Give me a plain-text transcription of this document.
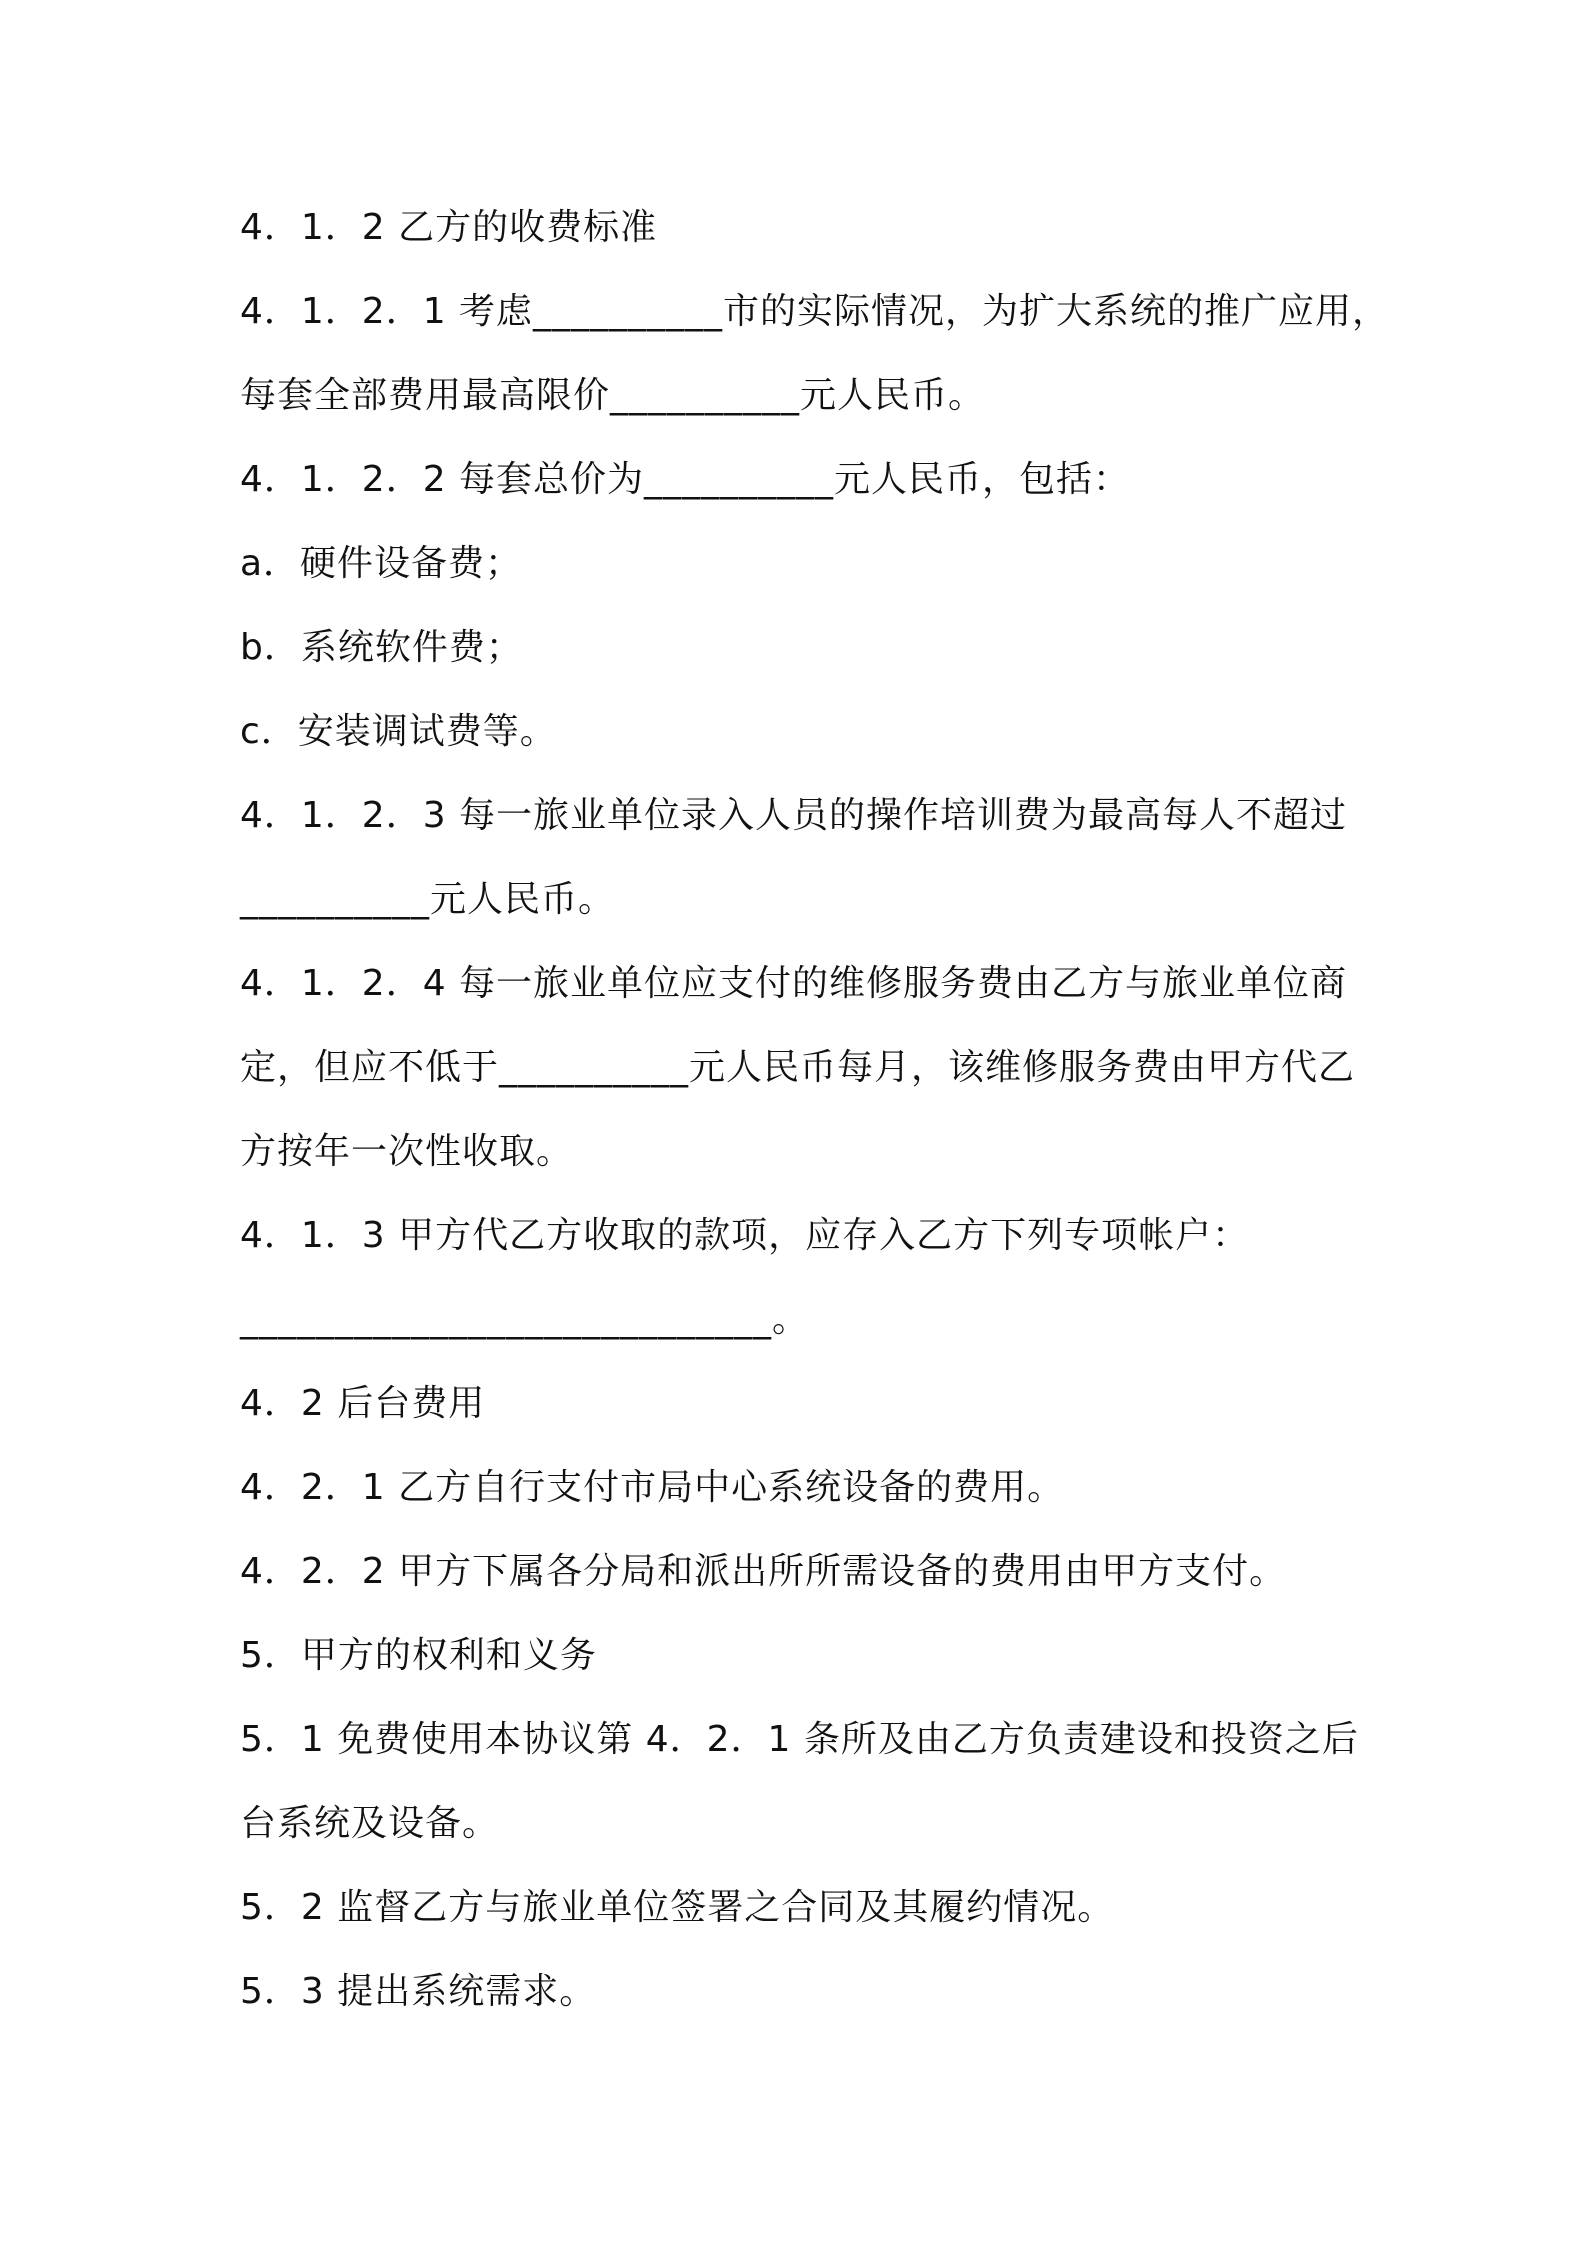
4．1．2 乙方的收费标准
4．1．2．1 考虑__________市的实际情况，为扩大系统的推广应用，
每套全部费用最高限价__________元人民币。
4．1．2．2 每套总价为__________元人民币，包括：
a．硬件设备费；
b．系统软件费；
c．安装调试费等。
4．1．2．3 每一旅业单位录入人员的操作培训费为最高每人不超过
__________元人民币。
4．1．2．4 每一旅业单位应支付的维修服务费由乙方与旅业单位商
定，但应不低于__________元人民币每月，该维修服务费由甲方代乙
方按年一次性收取。
4．1．3 甲方代乙方收取的款项，应存入乙方下列专项帐户：
____________________________。
4．2 后台费用
4．2．1 乙方自行支付市局中心系统设备的费用。
4．2．2 甲方下属各分局和派出所所需设备的费用由甲方支付。
5．甲方的权利和义务
5．1 免费使用本协议第 4．2．1 条所及由乙方负责建设和投资之后
台系统及设备。
5．2 监督乙方与旅业单位签署之合同及其履约情况。
5．3 提出系统需求。
